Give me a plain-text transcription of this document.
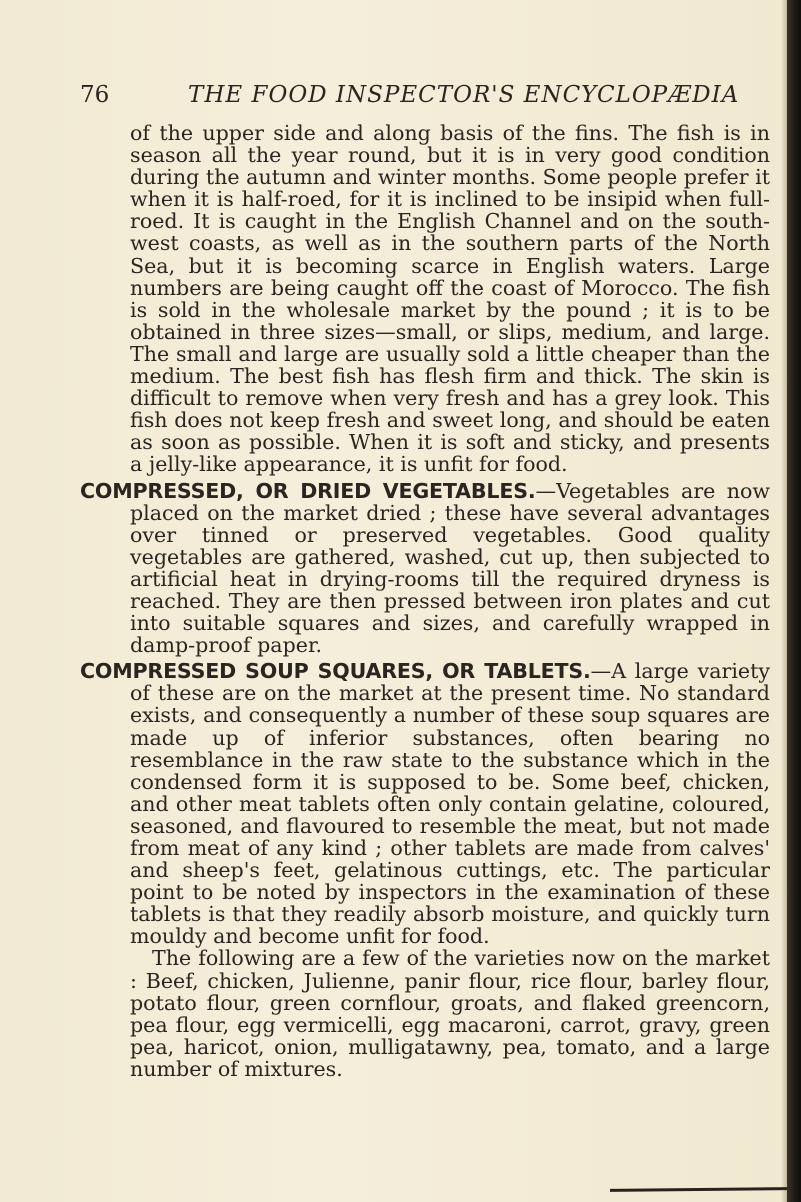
76	THE FOOD INSPECTOR'S ENCYCLOPÆDIA

of the upper side and along basis of the fins. The fish is in season all the year round, but it is in very good condition during the autumn and winter months. Some people prefer it when it is half-roed, for it is inclined to be insipid when full-roed. It is caught in the English Channel and on the south-west coasts, as well as in the southern parts of the North Sea, but it is becoming scarce in English waters. Large numbers are being caught off the coast of Morocco. The fish is sold in the wholesale market by the pound ; it is to be obtained in three sizes—small, or slips, medium, and large. The small and large are usually sold a little cheaper than the medium. The best fish has flesh firm and thick. The skin is difficult to remove when very fresh and has a grey look. This fish does not keep fresh and sweet long, and should be eaten as soon as possible. When it is soft and sticky, and presents a jelly-like appearance, it is unfit for food.

COMPRESSED, OR DRIED VEGETABLES.—Vegetables are now placed on the market dried ; these have several advantages over tinned or preserved vegetables. Good quality vegetables are gathered, washed, cut up, then subjected to artificial heat in drying-rooms till the required dryness is reached. They are then pressed between iron plates and cut into suitable squares and sizes, and carefully wrapped in damp-proof paper.

COMPRESSED SOUP SQUARES, OR TABLETS.—A large variety of these are on the market at the present time. No standard exists, and consequently a number of these soup squares are made up of inferior substances, often bearing no resemblance in the raw state to the substance which in the condensed form it is supposed to be. Some beef, chicken, and other meat tablets often only contain gelatine, coloured, seasoned, and flavoured to resemble the meat, but not made from meat of any kind ; other tablets are made from calves' and sheep's feet, gelatinous cuttings, etc. The particular point to be noted by inspectors in the examination of these tablets is that they readily absorb moisture, and quickly turn mouldy and become unfit for food.

The following are a few of the varieties now on the market : Beef, chicken, Julienne, panir flour, rice flour, barley flour, potato flour, green cornflour, groats, and flaked greencorn, pea flour, egg vermicelli, egg macaroni, carrot, gravy, green pea, haricot, onion, mulligatawny, pea, tomato, and a large number of mixtures.
